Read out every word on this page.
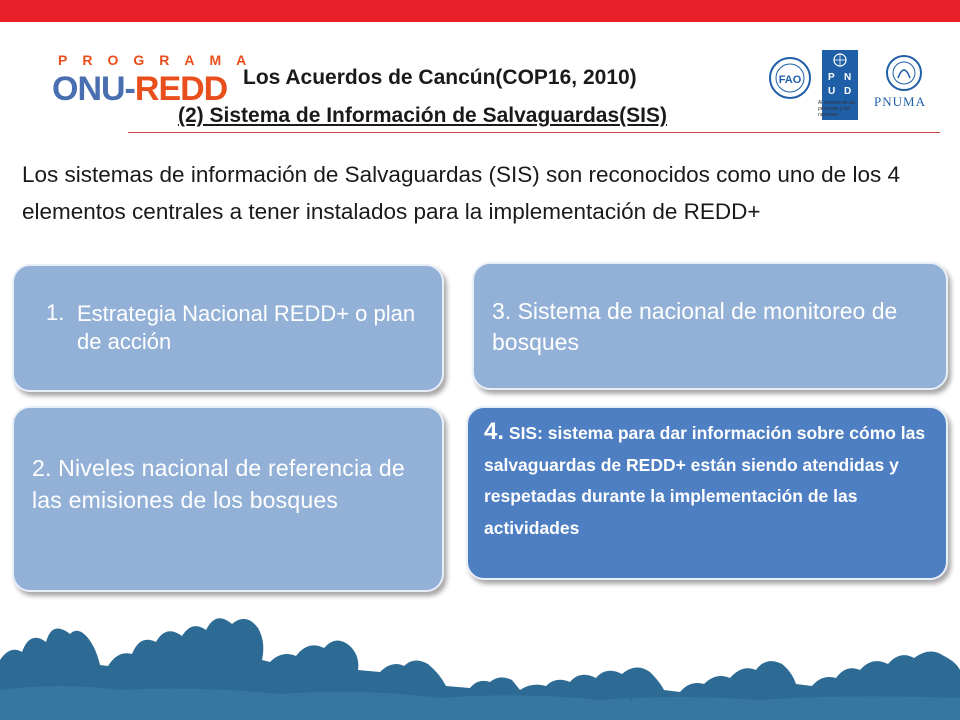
PROGRAMA
ONU-REDD Los Acuerdos de Cancún(COP16, 2010)
(2) Sistema de Información de Salvaguardas(SIS)
FAO	P N
U D
Al servicio de las personas y las naciones
PNUMA
Los sistemas de información de Salvaguardas (SIS) son reconocidos como uno de los 4 elementos centrales a tener instalados para la implementación de REDD+
1. Estrategia Nacional REDD+ o plan de acción
2. Niveles nacional de referencia de las emisiones de los bosques
3. Sistema de nacional de monitoreo de bosques
4. SIS: sistema para dar información sobre cómo las salvaguardas de REDD+ están siendo atendidas y respetadas durante la implementación de las actividades
